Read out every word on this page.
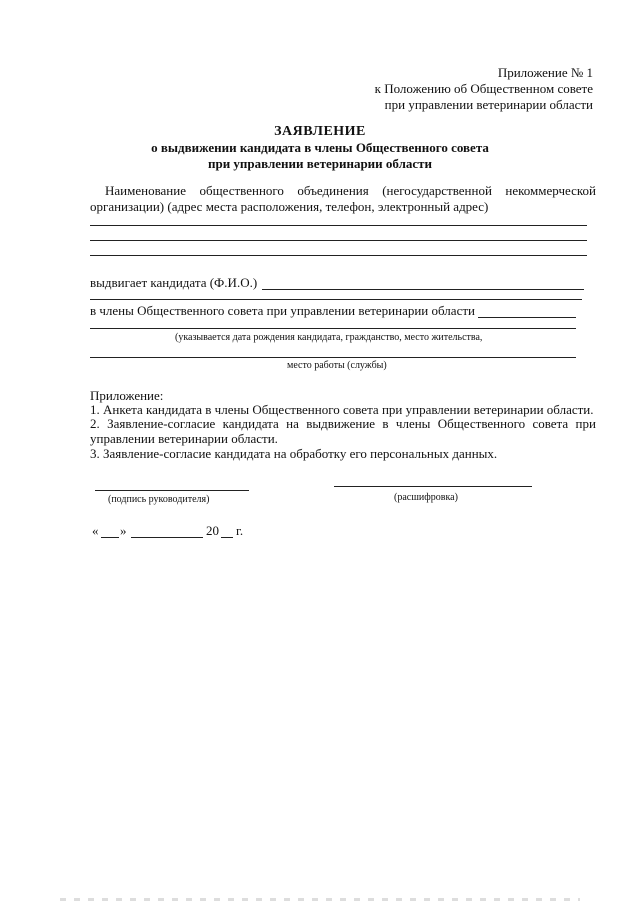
Приложение № 1
к Положению об Общественном совете
при управлении ветеринарии области
ЗАЯВЛЕНИЕ
о выдвижении кандидата в члены Общественного совета
при управлении ветеринарии области
Наименование общественного объединения (негосударственной некоммерческой
организации) (адрес места расположения, телефон, электронный адрес)
выдвигает кандидата (Ф.И.О.)
в члены Общественного совета при управлении ветеринарии области
(указывается дата рождения кандидата, гражданство, место жительства,
место работы (службы)
Приложение:
1. Анкета кандидата в члены Общественного совета при управлении ветеринарии области.
2. Заявление-согласие кандидата на выдвижение в члены Общественного совета при
управлении ветеринарии области.
3. Заявление-согласие кандидата на обработку его персональных данных.
(подпись руководителя)	(расшифровка)
« »	20 г.
